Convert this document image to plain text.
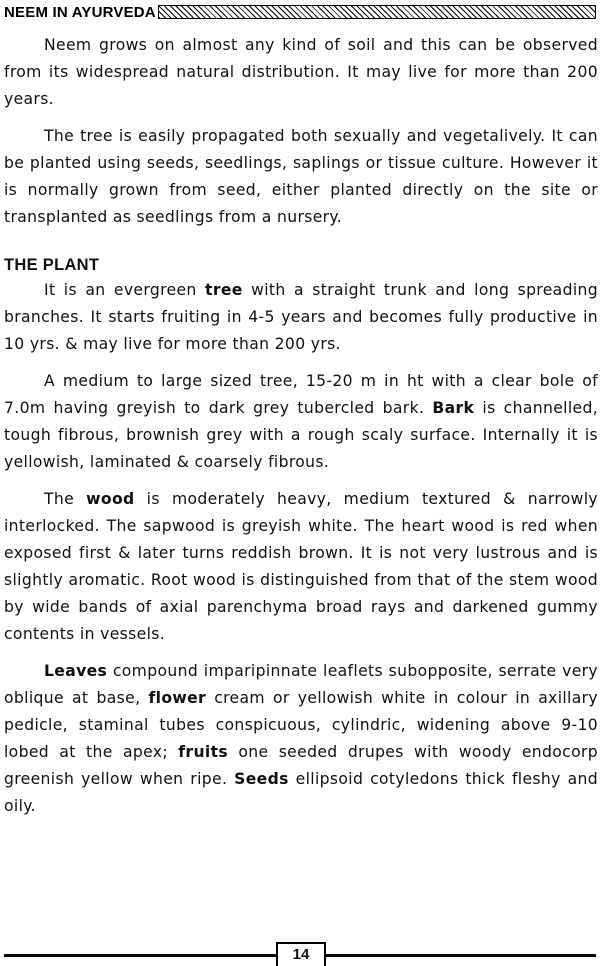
NEEM IN AYURVEDA

Neem grows on almost any kind of soil and this can be observed from its widespread natural distribution. It may live for more than 200 years.

The tree is easily propagated both sexually and vegetalively. It can be planted using seeds, seedlings, saplings or tissue culture. However it is normally grown from seed, either planted directly on the site or transplanted as seedlings from a nursery.

THE PLANT

It is an evergreen tree with a straight trunk and long spreading branches. It starts fruiting in 4-5 years and becomes fully productive in 10 yrs. & may live for more than 200 yrs.

A medium to large sized tree, 15-20 m in ht with a clear bole of 7.0m having greyish to dark grey tubercled bark. Bark is channelled, tough fibrous, brownish grey with a rough scaly surface. Internally it is yellowish, laminated & coarsely fibrous.

The wood is moderately heavy, medium textured & narrowly interlocked. The sapwood is greyish white. The heart wood is red when exposed first & later turns reddish brown. It is not very lustrous and is slightly aromatic. Root wood is distinguished from that of the stem wood by wide bands of axial parenchyma broad rays and darkened gummy contents in vessels.

Leaves compound imparipinnate leaflets subopposite, serrate very oblique at base, flower cream or yellowish white in colour in axillary pedicle, staminal tubes conspicuous, cylindric, widening above 9-10 lobed at the apex; fruits one seeded drupes with woody endocorp greenish yellow when ripe. Seeds ellipsoid cotyledons thick fleshy and oily.

14
